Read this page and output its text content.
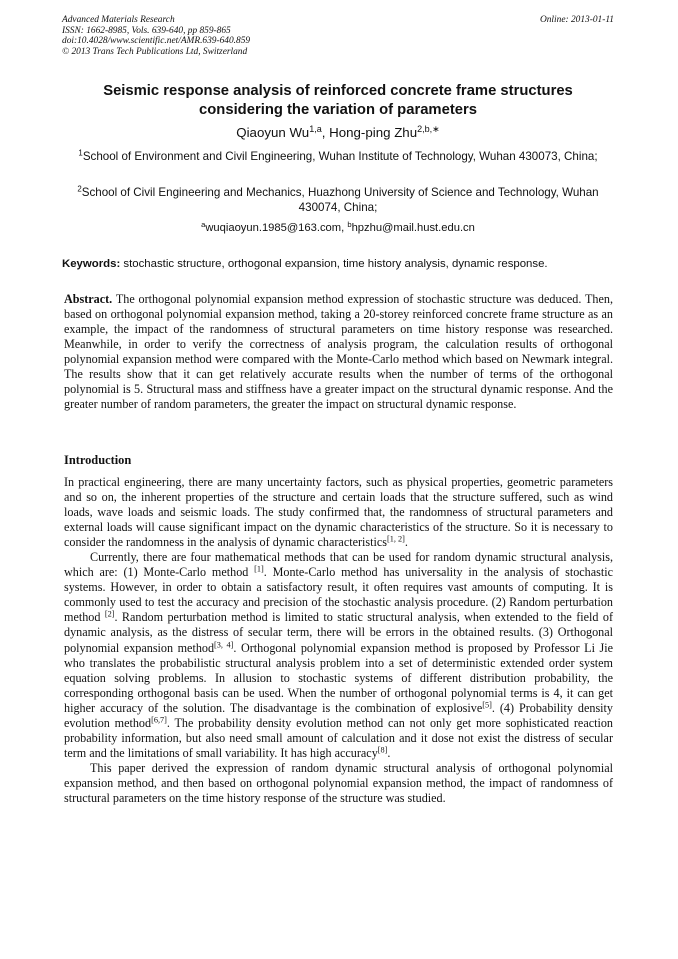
Advanced Materials Research
ISSN: 1662-8985, Vols. 639-640, pp 859-865
doi:10.4028/www.scientific.net/AMR.639-640.859
© 2013 Trans Tech Publications Ltd, Switzerland
Online: 2013-01-11
Seismic response analysis of reinforced concrete frame structures
considering the variation of parameters
Qiaoyun Wu$^{1,a}$, Hong-ping Zhu$^{2,b,∗}$
$^1$School of Environment and Civil Engineering, Wuhan Institute of Technology, Wuhan 430073, China;
$^2$School of Civil Engineering and Mechanics, Huazhong University of Science and Technology, Wuhan 430074, China;
$^a$wuqiaoyun.1985@163.com, $^b$hpzhu@mail.hust.edu.cn
Keywords: stochastic structure, orthogonal expansion, time history analysis, dynamic response.
Abstract. The orthogonal polynomial expansion method expression of stochastic structure was deduced. Then, based on orthogonal polynomial expansion method, taking a 20-storey reinforced concrete frame structure as an example, the impact of the randomness of structural parameters on time history response was researched. Meanwhile, in order to verify the correctness of analysis program, the calculation results of orthogonal polynomial expansion method were compared with the Monte-Carlo method which based on Newmark integral. The results show that it can get relatively accurate results when the number of terms of the orthogonal polynomial is 5. Structural mass and stiffness have a greater impact on the structural dynamic response. And the greater number of random parameters, the greater the impact on structural dynamic response.
Introduction

In practical engineering, there are many uncertainty factors, such as physical properties, geometric parameters and so on, the inherent properties of the structure and certain loads that the structure suffered, such as wind loads, wave loads and seismic loads. The study confirmed that, the randomness of structural parameters and external loads will cause significant impact on the dynamic characteristics of the structure. So it is necessary to consider the randomness in the analysis of dynamic characteristics[1, 2].

Currently, there are four mathematical methods that can be used for random dynamic structural analysis, which are: (1) Monte-Carlo method [1]. Monte-Carlo method has universality in the analysis of stochastic systems. However, in order to obtain a satisfactory result, it often requires vast amounts of computing. It is commonly used to test the accuracy and precision of the stochastic analysis procedure. (2) Random perturbation method [2]. Random perturbation method is limited to static structural analysis, when extended to the field of dynamic analysis, as the distress of secular term, there will be errors in the obtained results. (3) Orthogonal polynomial expansion method[3, 4]. Orthogonal polynomial expansion method is proposed by Professor Li Jie who translates the probabilistic structural analysis problem into a set of deterministic extended order system equation solving problems. In allusion to stochastic systems of different distribution probability, the corresponding orthogonal basis can be used. When the number of orthogonal polynomial terms is 4, it can get higher accuracy of the solution. The disadvantage is the combination of explosive[5]. (4) Probability density evolution method[6,7]. The probability density evolution method can not only get more sophisticated reaction probability information, but also need small amount of calculation and it dose not exist the distress of secular term and the limitations of small variability. It has high accuracy[8].

This paper derived the expression of random dynamic structural analysis of orthogonal polynomial expansion method, and then based on orthogonal polynomial expansion method, the impact of randomness of structural parameters on the time history response of the structure was studied.
